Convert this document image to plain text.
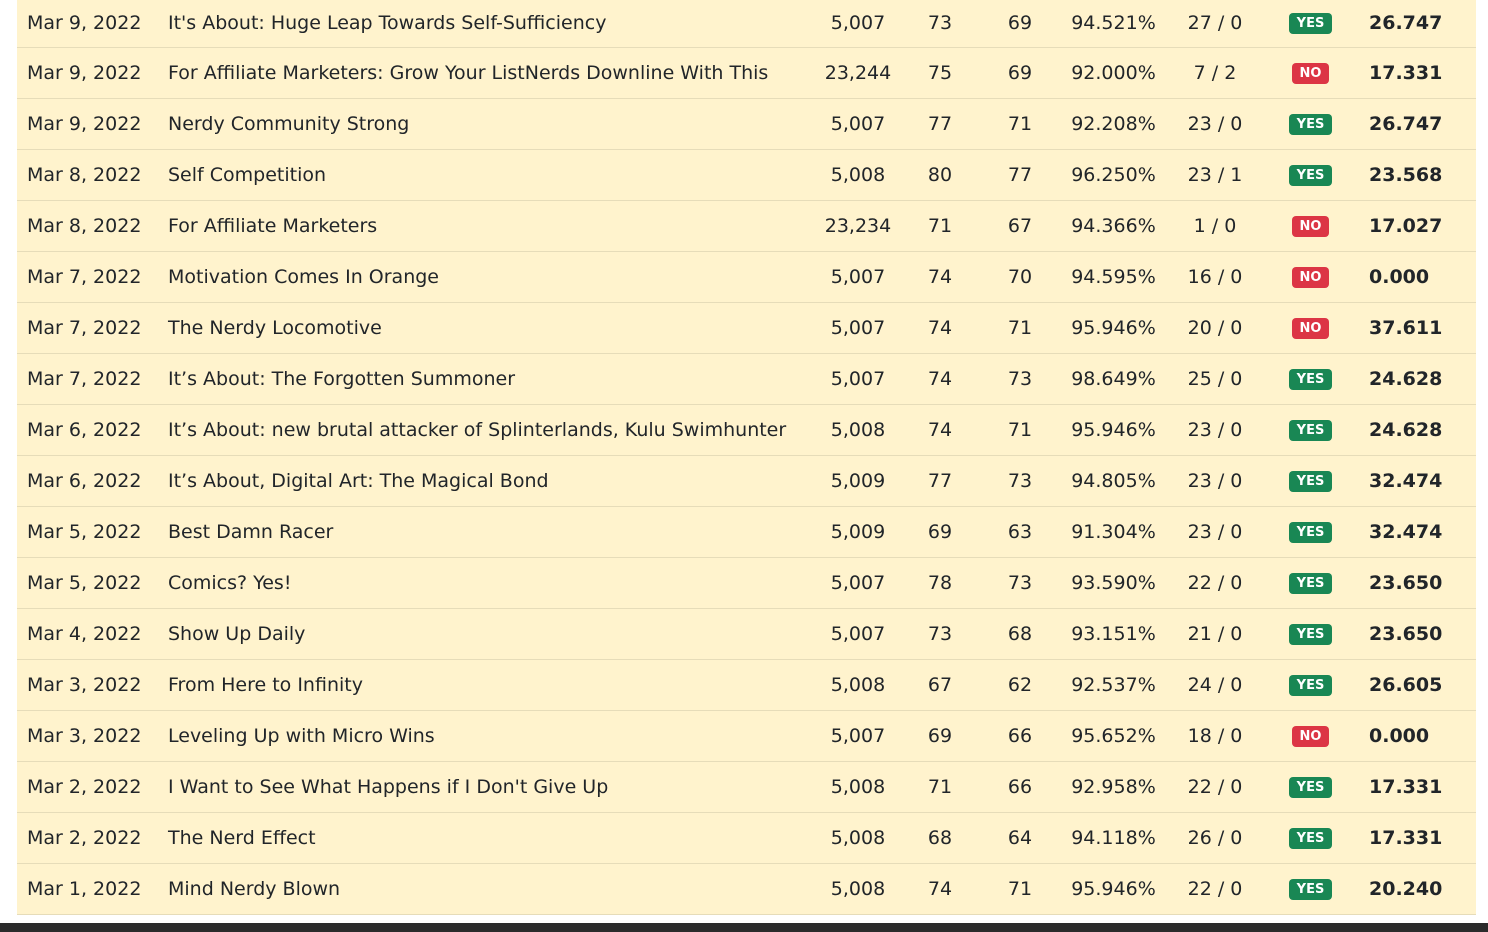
Mar 9, 2022 It's About: Huge Leap Towards Self-Sufficiency	5,007	73	69	94.521%	27 / 0	YES	26.747
Mar 9, 2022 For Affiliate Marketers: Grow Your ListNerds Downline With This	23,244	75	69	92.000%	7 / 2	NO	17.331
Mar 9, 2022 Nerdy Community Strong	5,007	77	71	92.208%	23 / 0	YES	26.747
Mar 8, 2022 Self Competition	5,008	80	77	96.250%	23 / 1	YES	23.568
Mar 8, 2022 For Affiliate Marketers	23,234	71	67	94.366%	1 / 0	NO	17.027
Mar 7, 2022 Motivation Comes In Orange	5,007	74	70	94.595%	16 / 0	NO	0.000
Mar 7, 2022 The Nerdy Locomotive	5,007	74	71	95.946%	20 / 0	NO	37.611
Mar 7, 2022 It’s About: The Forgotten Summoner	5,007	74	73	98.649%	25 / 0	YES	24.628
Mar 6, 2022 It’s About: new brutal attacker of Splinterlands, Kulu Swimhunter	5,008	74	71	95.946%	23 / 0	YES	24.628
Mar 6, 2022 It’s About, Digital Art: The Magical Bond	5,009	77	73	94.805%	23 / 0	YES	32.474
Mar 5, 2022 Best Damn Racer	5,009	69	63	91.304%	23 / 0	YES	32.474
Mar 5, 2022 Comics? Yes!	5,007	78	73	93.590%	22 / 0	YES	23.650
Mar 4, 2022 Show Up Daily	5,007	73	68	93.151%	21 / 0	YES	23.650
Mar 3, 2022 From Here to Infinity	5,008	67	62	92.537%	24 / 0	YES	26.605
Mar 3, 2022 Leveling Up with Micro Wins	5,007	69	66	95.652%	18 / 0	NO	0.000
Mar 2, 2022 I Want to See What Happens if I Don't Give Up	5,008	71	66	92.958%	22 / 0	YES	17.331
Mar 2, 2022 The Nerd Effect	5,008	68	64	94.118%	26 / 0	YES	17.331
Mar 1, 2022 Mind Nerdy Blown	5,008	74	71	95.946%	22 / 0	YES	20.240
